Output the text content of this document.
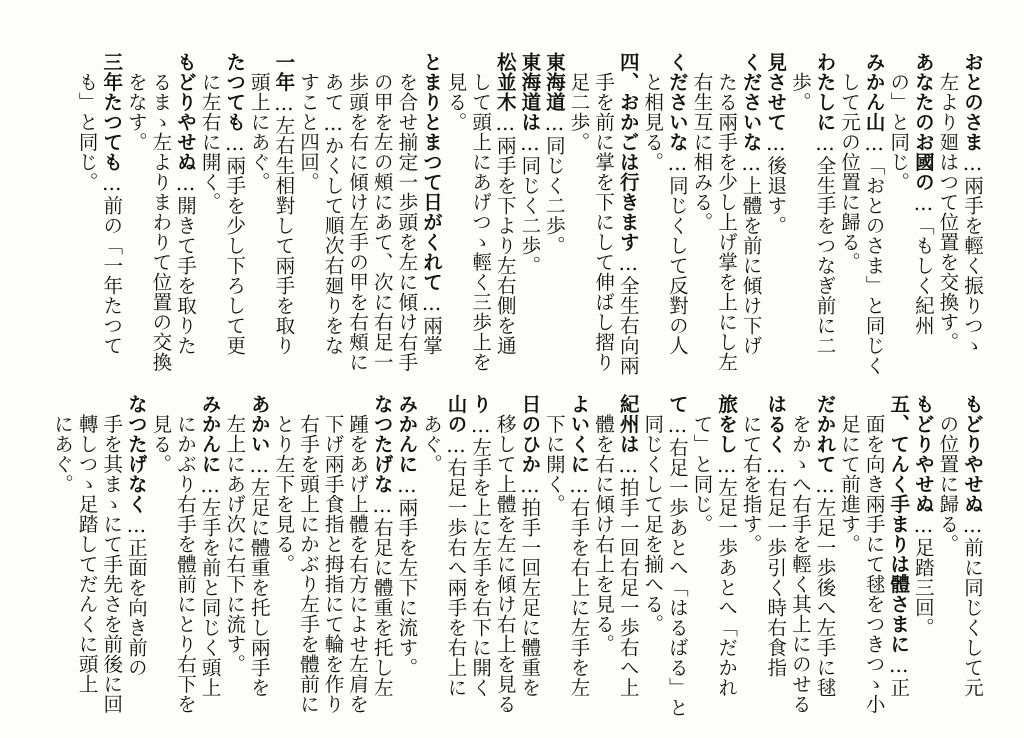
おとのさま…兩手を輕く振りつゝ
　左より廻はつて位置を交換す。
あなたのお國の…「もしく紀州
　の」と同じ。
みかん山…「おとのさま」と同じく
　して元の位置に歸る。
わたしに…全生手をつなぎ前に二
　歩。
見させて…後退す。
くださいな…上體を前に傾け下げ
　たる兩手を少し上げ掌を上にし左
　右生互に相みる。
くださいな…同じくして反對の人
　と相見る。
四、おかごは行きます…全生右向兩
　手を前に掌を下にして伸ばし摺り
　足二歩。
東海道…同じく二歩。
東海道は…同じく二歩。
松並木…兩手を下より左右側を通
　して頭上にあげつゝ輕く三歩上を
　見る。
とまりとまつて日がくれて…兩掌
　を合せ揃定一歩頭を左に傾け右手
　の甲を左の頰にあて、次に右足一
　歩頭を右に傾け左手の甲を右頰に
　あて…かくして順次右廻りをな
　すこと四回。
一年…左右生相對して兩手を取り
　頭上にあぐ。
たつても…兩手を少し下ろして更
　に左右に開く。
もどりやせぬ…開きて手を取りた
　るまゝ左よりまわりて位置の交換
　をなす。
三年たつても…前の「一年たつて
　も」と同じ。
もどりやせぬ…前に同じくして元
　の位置に歸る。
もどりやせぬ…足踏三回。
五、てんく手まりは體さまに…正
　面を向き兩手にて毬をつきつゝ小
　足にて前進す。
だかれて…左足一歩後へ左手に毬
　をかゝへ右手を輕く其上にのせる
はるく…右足一歩引く時右食指
　にて右を指す。
旅をし…左足一歩あとへ「だかれ
　て」と同じ。
て…右足一歩あとへ「はるばる」と
　同じくして足を揃へる。
紀州は…拍手一回右足一歩右へ上
　體を右に傾け右上を見る。
よいくに…右手を右上に左手を左
　下に開く。
日のひか…拍手一回左足に體重を
　移して上體を左に傾け右上を見る
り…左手を上に左手を右下に開く
山の…右足一歩右へ兩手を右上に
　あぐ。
みかんに…兩手を左下に流す。
なつたげな…右足に體重を托し左
　踵をあげ上體を右方によせ左肩を
　下げ兩手食指と拇指にて輪を作り
　右手を頭上にかぶり左手を體前に
　とり左下を見る。
あかい…左足に體重を托し兩手を
　左上にあげ次に右下に流す。
みかんに…左手を前と同じく頭上
　にかぶり右手を體前にとり右下を
　見る。
なつたげなく…正面を向き前の
　手を其まゝにて手先さを前後に回
　轉しつゝ足踏してだんくに頭上
　にあぐ。
